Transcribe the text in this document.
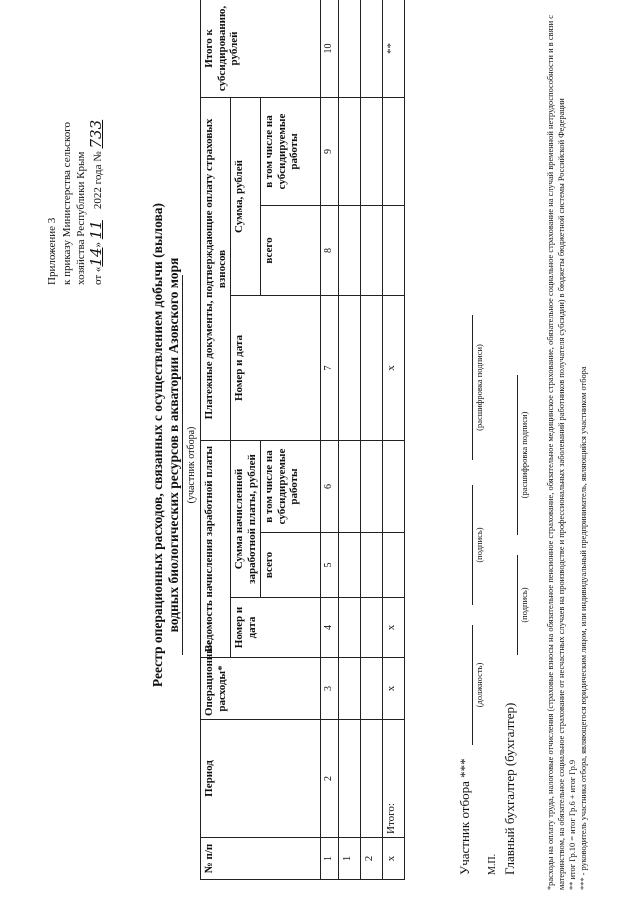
Приложение 3 к приказу Министерства сельского хозяйства Республики Крым от «14» 11    2022 года № 733
Реестр операционных расходов, связанных с осуществлением добычи (вылова) водных биологических ресурсов в акватории Азовского моря (участник отбора)
№ п/п	Период	Операционные расходы*	Ведомость начисления заработной платы			Платежные документы, подтверждающие оплату страховых взносов			Итого к субсидированию, рублей
			Номер и дата	Сумма начисленной заработной платы, рублей		Номер и дата	Сумма, рублей		
				всего	в том числе на субсидируемые работы		всего	в том числе на субсидируемые работы	
1	2	3	4	5	6	7	8	9	10
1									
2									
х	Итого:	х	х			х			**
Участник отбора ***
(должность)
(подпись)
(расшифровка подписи)
М.П. Главный бухгалтер (бухгалтер)
(подпись)
(расшифровка подписи) *расходы на оплату труда, налоговые отчисления (страховые взносы на обязательное пенсионное страхование, обязательное медицинское страхование, обязательное социальное страхование на случай временной нетрудоспособности и в связи с материнством, на обязательное социальное страхование от несчастных случаев на производстве и профессиональных заболеваний работников получателя субсидии) в бюджеты бюджетной системы Российской Федерации ** итог Гр.10 = итог Гр.6 + итог Гр.9 *** - руководитель участника отбора, являющегося юридическим лицом, или индивидуальный предприниматель, являющийся участником отбора
